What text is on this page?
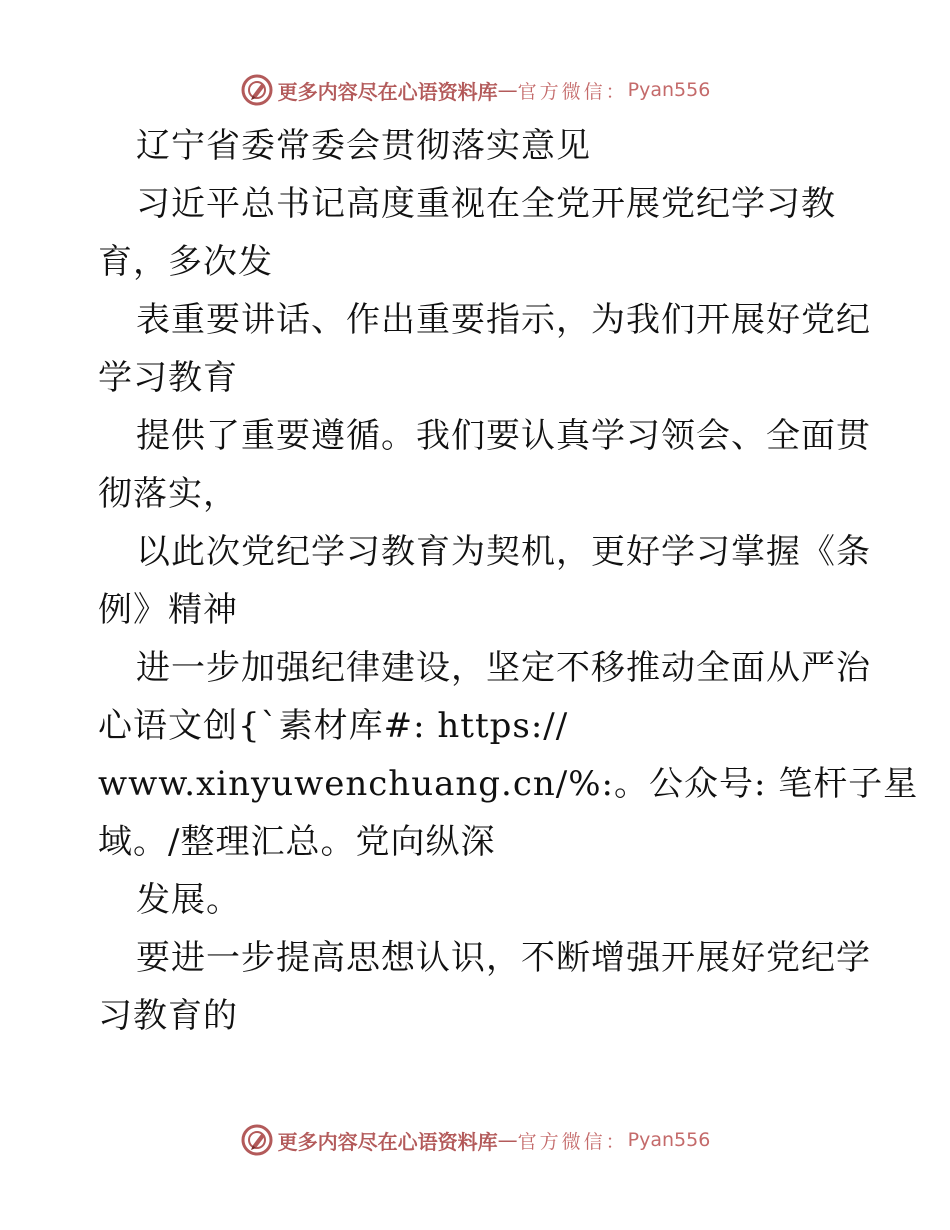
更多内容尽在心语资料库 — 官方微信： Pyan556
辽宁省委常委会贯彻落实意见
习近平总书记高度重视在全党开展党纪学习教
育，多次发
表重要讲话、作出重要指示，为我们开展好党纪
学习教育
提供了重要遵循。我们要认真学习领会、全面贯
彻落实，
以此次党纪学习教育为契机，更好学习掌握《条
例》精神
进一步加强纪律建设，坚定不移推动全面从严治
心语文创{`素材库#: https://
www.xinyuwenchuang.cn/%:。公众号: 笔杆子星
域。/整理汇总。党向纵深
发展。
要进一步提高思想认识，不断增强开展好党纪学
习教育的
更多内容尽在心语资料库 — 官方微信： Pyan556
